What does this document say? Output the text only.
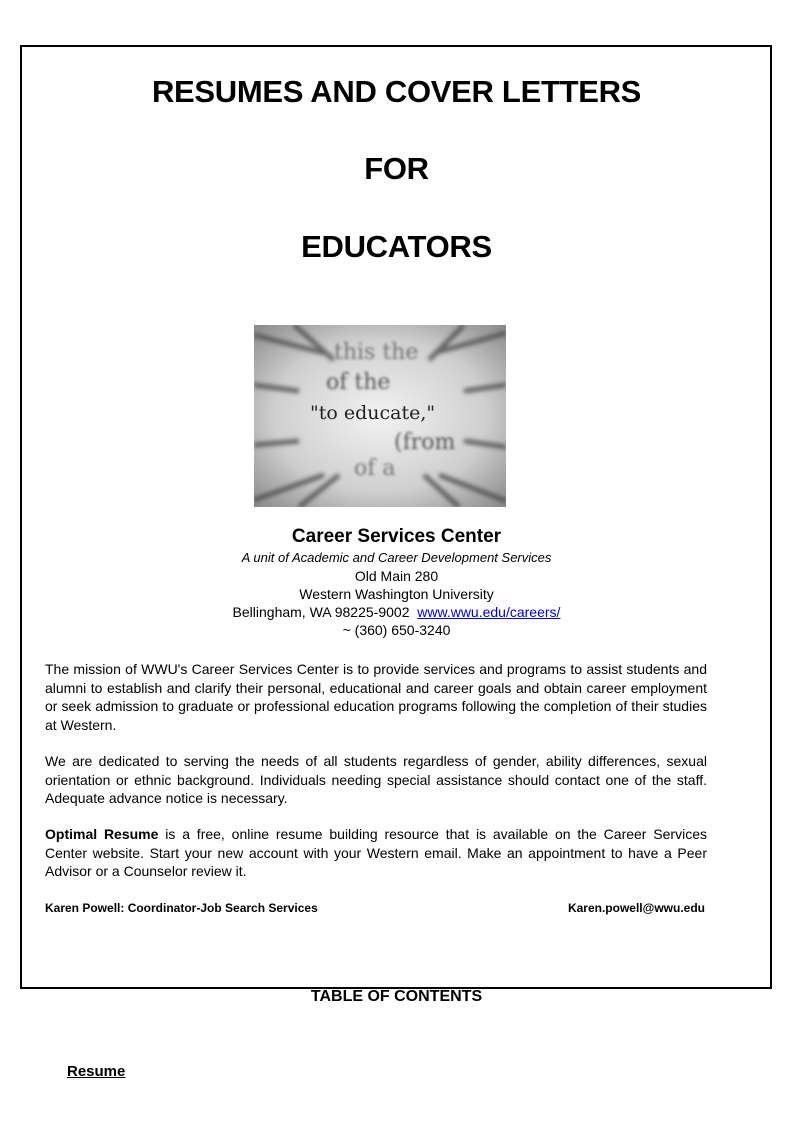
RESUMES AND COVER LETTERS
FOR
EDUCATORS
this the
of the
(from
of a
"to educate,"
Career Services Center
A unit of Academic and Career Development Services
Old Main 280
Western Washington University
Bellingham, WA 98225-9002 www.wwu.edu/careers/
~ (360) 650-3240

The mission of WWU's Career Services Center is to provide services and programs to assist students and alumni to establish and clarify their personal, educational and career goals and obtain career employment or seek admission to graduate or professional education programs following the completion of their studies at Western.

We are dedicated to serving the needs of all students regardless of gender, ability differences, sexual orientation or ethnic background. Individuals needing special assistance should contact one of the staff. Adequate advance notice is necessary.

Optimal Resume is a free, online resume building resource that is available on the Career Services Center website. Start your new account with your Western email. Make an appointment to have a Peer Advisor or a Counselor review it.

Karen Powell: Coordinator-Job Search Services	Karen.powell@wwu.edu
TABLE OF CONTENTS
Resume
